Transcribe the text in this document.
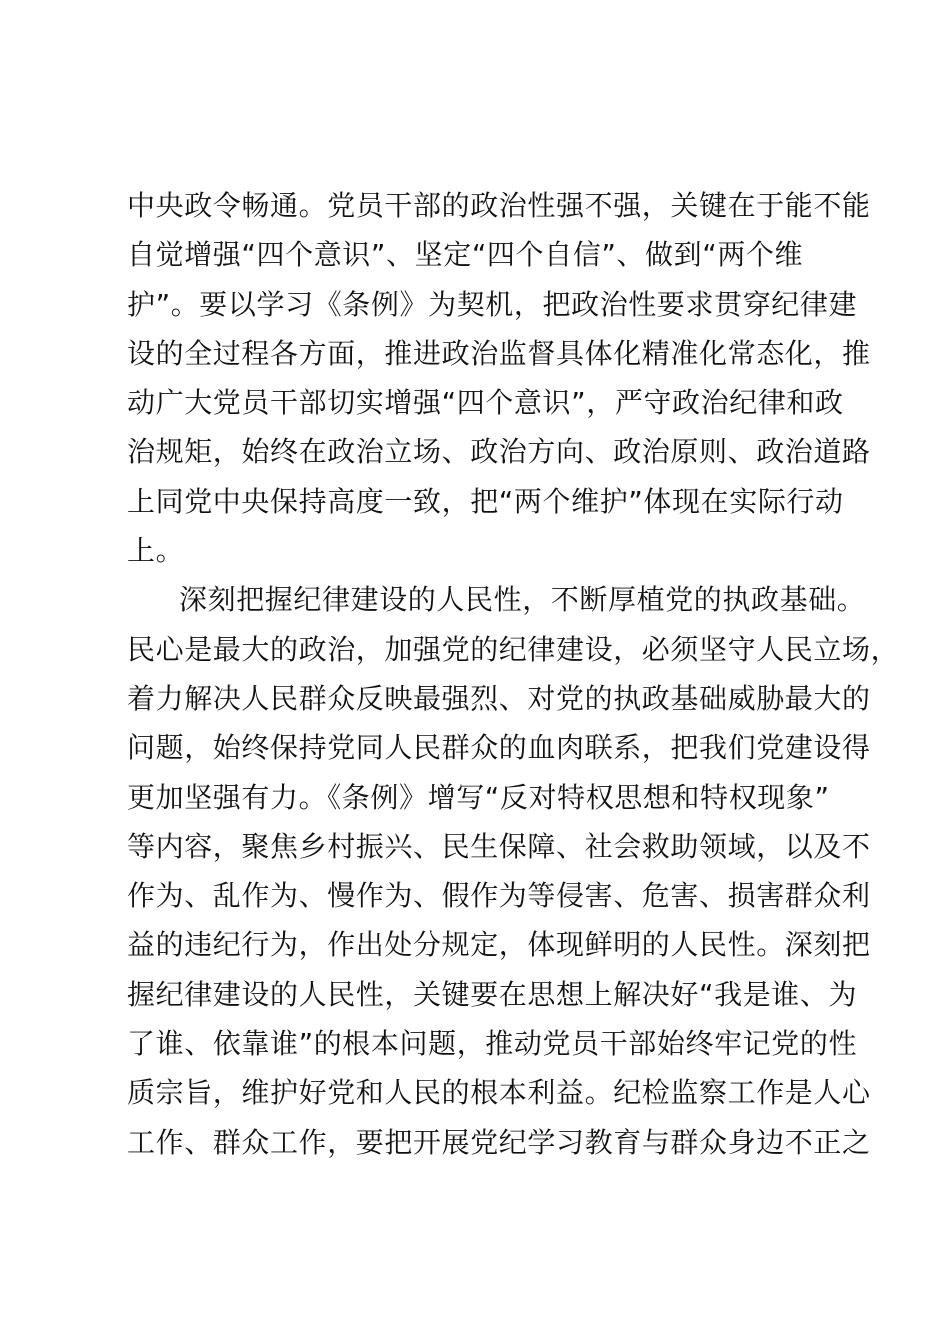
中央政令畅通。党员干部的政治性强不强，关键在于能不能
自觉增强“四个意识”、坚定“四个自信”、做到“两个维
护”。要以学习《条例》为契机，把政治性要求贯穿纪律建
设的全过程各方面，推进政治监督具体化精准化常态化，推
动广大党员干部切实增强“四个意识”，严守政治纪律和政
治规矩，始终在政治立场、政治方向、政治原则、政治道路
上同党中央保持高度一致，把“两个维护”体现在实际行动
上。
深刻把握纪律建设的人民性，不断厚植党的执政基础。
民心是最大的政治，加强党的纪律建设，必须坚守人民立场，
着力解决人民群众反映最强烈、对党的执政基础威胁最大的
问题，始终保持党同人民群众的血肉联系，把我们党建设得
更加坚强有力。《条例》增写“反对特权思想和特权现象”
等内容，聚焦乡村振兴、民生保障、社会救助领域，以及不
作为、乱作为、慢作为、假作为等侵害、危害、损害群众利
益的违纪行为，作出处分规定，体现鲜明的人民性。深刻把
握纪律建设的人民性，关键要在思想上解决好“我是谁、为
了谁、依靠谁”的根本问题，推动党员干部始终牢记党的性
质宗旨，维护好党和人民的根本利益。纪检监察工作是人心
工作、群众工作，要把开展党纪学习教育与群众身边不正之
